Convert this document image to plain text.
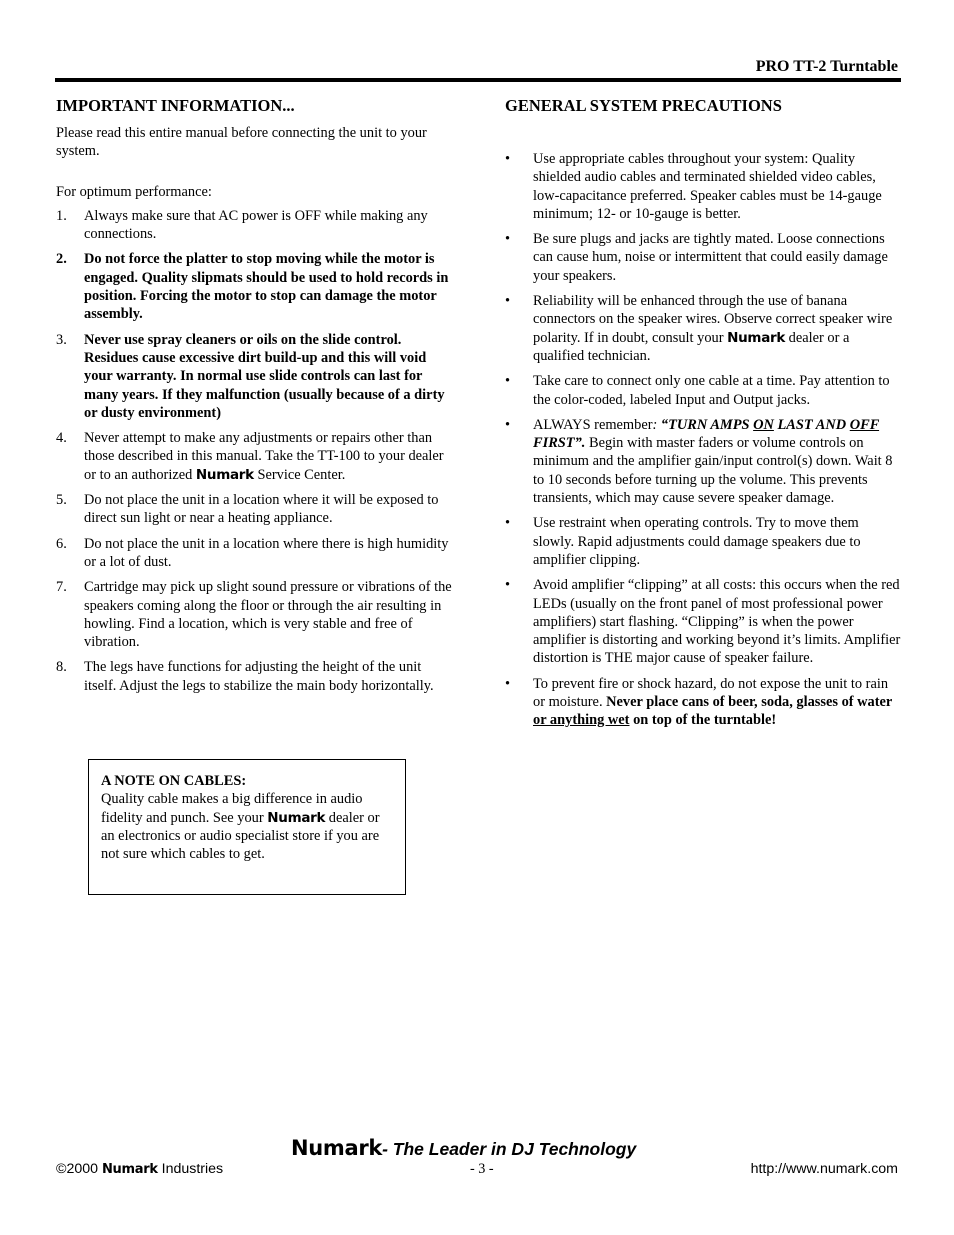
PRO TT-2 Turntable
IMPORTANT INFORMATION...

Please read this entire manual before connecting the unit to your system.

For optimum performance:

1. Always make sure that AC power is OFF while making any connections.
2. Do not force the platter to stop moving while the motor is engaged. Quality slipmats should be used to hold records in position. Forcing the motor to stop can damage the motor assembly.
3. Never use spray cleaners or oils on the slide control. Residues cause excessive dirt build-up and this will void your warranty. In normal use slide controls can last for many years. If they malfunction (usually because of a dirty or dusty environment)
4. Never attempt to make any adjustments or repairs other than those described in this manual. Take the TT-100 to your dealer or to an authorized Numark Service Center.
5. Do not place the unit in a location where it will be exposed to direct sun light or near a heating appliance.
6. Do not place the unit in a location where there is high humidity or a lot of dust.
7. Cartridge may pick up slight sound pressure or vibrations of the speakers coming along the floor or through the air resulting in howling. Find a location, which is very stable and free of vibration.
8. The legs have functions for adjusting the height of the unit itself. Adjust the legs to stabilize the main body horizontally.
A NOTE ON CABLES:
Quality cable makes a big difference in audio fidelity and punch. See your Numark dealer or an electronics or audio specialist store if you are not sure which cables to get.
GENERAL SYSTEM PRECAUTIONS
• Use appropriate cables throughout your system: Quality shielded audio cables and terminated shielded video cables, low-capacitance preferred. Speaker cables must be 14-gauge minimum; 12- or 10-gauge is better.
• Be sure plugs and jacks are tightly mated. Loose connections can cause hum, noise or intermittent that could easily damage your speakers.
• Reliability will be enhanced through the use of banana connectors on the speaker wires. Observe correct speaker wire polarity. If in doubt, consult your Numark dealer or a qualified technician.
• Take care to connect only one cable at a time. Pay attention to the color-coded, labeled Input and Output jacks.
• ALWAYS remember: “TURN AMPS ON LAST AND OFF FIRST”. Begin with master faders or volume controls on minimum and the amplifier gain/input control(s) down. Wait 8 to 10 seconds before turning up the volume. This prevents transients, which may cause severe speaker damage.
• Use restraint when operating controls. Try to move them slowly. Rapid adjustments could damage speakers due to amplifier clipping.
• Avoid amplifier “clipping” at all costs: this occurs when the red LEDs (usually on the front panel of most professional power amplifiers) start flashing. “Clipping” is when the power amplifier is distorting and working beyond it’s limits. Amplifier distortion is THE major cause of speaker failure.
• To prevent fire or shock hazard, do not expose the unit to rain or moisture. Never place cans of beer, soda, glasses of water or anything wet on top of the turntable!
Numark- The Leader in DJ Technology
©2000 Numark Industries	- 3 -	http://www.numark.com
